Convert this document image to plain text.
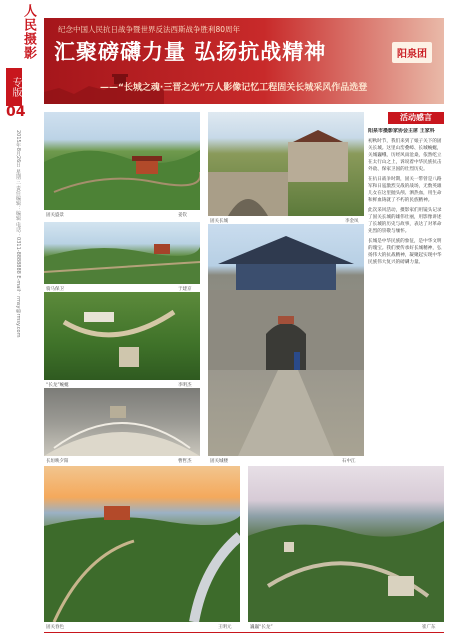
人民摄影
专版
04
2015年8月26日 星期三 责任编辑：编辑 电话：0311-8888888 E-mail：rmsy@rmsy.com
纪念中国人民抗日战争暨世界反法西斯战争胜利80周年
汇聚磅礴力量 弘扬抗战精神	阳泉团
——“长城之魂·三晋之光”万人影像记忆工程固关长城采风作品选登
固关盛景	姜钦
固关长城	李金凤
骑马保卫	于建京
“长龙”蜿蜒	李明杰
固关城楼	石中江
长垣映夕阳	曹哲杰
固关春色	王明元	巍巍“长龙”	崔广东
活动感言
阳泉市摄影家协会主席 王家科

初秋时节，我们来到了娘子关下的固关长城。这里山峦叠嶂、长城蜿蜒，关城巍峨，历经风雨沧桑，依然屹立在太行山之上，诉说着中华民族抗击外敌、保家卫国的壮烈历史。

在抗日战争时期，固关一带曾是八路军和日寇激烈交战的战场，无数英雄儿女在这里抛头颅、洒热血，用生命和鲜血铸就了不朽的民族精神。

此次采风活动，摄影家们用镜头记录了固关长城的雄伟壮丽，用影像讲述了长城的历史与故事，表达了对革命先烈的崇敬与缅怀。

长城是中华民族的象征，是中华文明的瑰宝。我们要传承好长城精神，弘扬伟大的抗战精神，凝聚起实现中华民族伟大复兴的磅礴力量。
